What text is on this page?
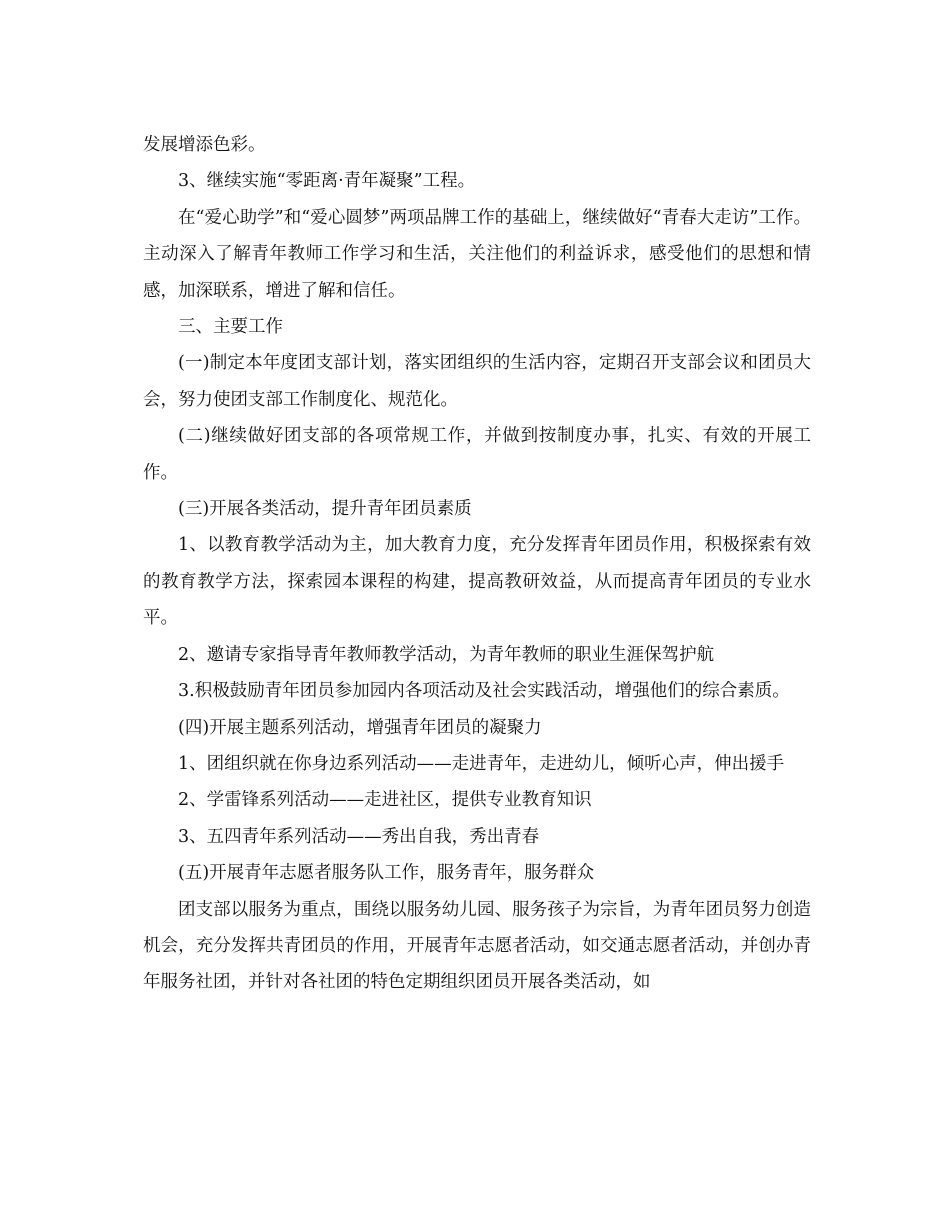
发展增添色彩。

3、继续实施“零距离·青年凝聚”工程。

在“爱心助学”和“爱心圆梦”两项品牌工作的基础上，继续做好“青春大走访”工作。主动深入了解青年教师工作学习和生活，关注他们的利益诉求，感受他们的思想和情感，加深联系，增进了解和信任。

三、主要工作

(一)制定本年度团支部计划，落实团组织的生活内容，定期召开支部会议和团员大会，努力使团支部工作制度化、规范化。

(二)继续做好团支部的各项常规工作，并做到按制度办事，扎实、有效的开展工作。

(三)开展各类活动，提升青年团员素质

1、以教育教学活动为主，加大教育力度，充分发挥青年团员作用，积极探索有效的教育教学方法，探索园本课程的构建，提高教研效益，从而提高青年团员的专业水平。

2、邀请专家指导青年教师教学活动，为青年教师的职业生涯保驾护航

3.积极鼓励青年团员参加园内各项活动及社会实践活动，增强他们的综合素质。

(四)开展主题系列活动，增强青年团员的凝聚力

1、团组织就在你身边系列活动——走进青年，走进幼儿，倾听心声，伸出援手

2、学雷锋系列活动——走进社区，提供专业教育知识

3、五四青年系列活动——秀出自我，秀出青春

(五)开展青年志愿者服务队工作，服务青年，服务群众

团支部以服务为重点，围绕以服务幼儿园、服务孩子为宗旨，为青年团员努力创造机会，充分发挥共青团员的作用，开展青年志愿者活动，如交通志愿者活动，并创办青年服务社团，并针对各社团的特色定期组织团员开展各类活动，如
